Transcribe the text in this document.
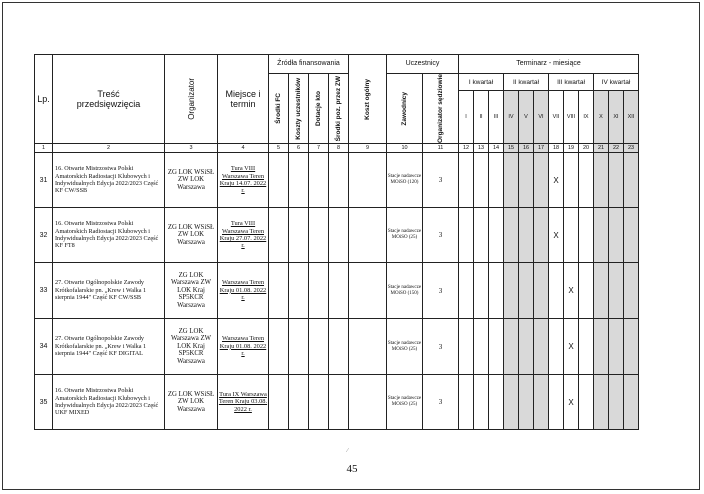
Lp.	Treść przedsięwzięcia	Organizator	Miejsce i termin	Źródła finansowania				Koszt ogólny	Uczestnicy		Terminarz - miesiące											

				Środki FC	Koszty uczestników	Dotacje kto	Środki poz. przez ZW		Zawodnicy	Organizator sędziowie	I kwartał			II kwartał			III kwartał			IV kwartał		
											I	II	III	IV	V	VI	VII	VIII	IX	X	XI	XII
1	2	3	4	5	6	7	8	9	10	11	12	13	14	15	16	17	18	19	20	21	22	23
31	16. Otwarte Mistrzostwa Polski Amatorskich Radiostacji Klubowych i Indywidualnych Edycja 2022/2023 Część KF CW/SSB	ZG LOK WSiSŁ ZW LOK Warszawa	Tura VIII Warszawa Teren Kraju 14.07. 2022 r.						Stacje nadawcze MOiSO (120)	3							X					
32	16. Otwarte Mistrzostwa Polski Amatorskich Radiostacji Klubowych i Indywidualnych Edycja 2022/2023 Część KF FT8	ZG LOK WSiSŁ ZW LOK Warszawa	Tura VIII Warszawa Teren Kraju 27.07. 2022 r.						Stacje nadawcze MOiSO (25)	3							X					
33	27. Otwarte Ogólnopolskie Zawody Krótkofalarskie pn. „Krew i Walka 1 sierpnia 1944" Część KF CW/SSB	ZG LOK Warszawa ZW LOK Kraj SP5KCR Warszawa	Warszawa Teren Kraju 01.08. 2022 r.						Stacje nadawcze MOiSO (150)	3								X				
34	27. Otwarte Ogólnopolskie Zawody Krótkofalarskie pn. „Krew i Walka 1 sierpnia 1944" Część KF DIGITAL	ZG LOK Warszawa ZW LOK Kraj SP5KCR Warszawa	Warszawa Teren Kraju 01.08. 2022 r.						Stacje nadawcze MOiSO (25)	3								X				
35	16. Otwarte Mistrzostwa Polski Amatorskich Radiostacji Klubowych i Indywidualnych Edycja 2022/2023 Część UKF MIXED	ZG LOK WSiSŁ ZW LOK Warszawa	Tura IX Warszawa Teren Kraju 03.08. 2022 r.						Stacje nadawcze MOiSO (25)	3								X				
⁄
45
